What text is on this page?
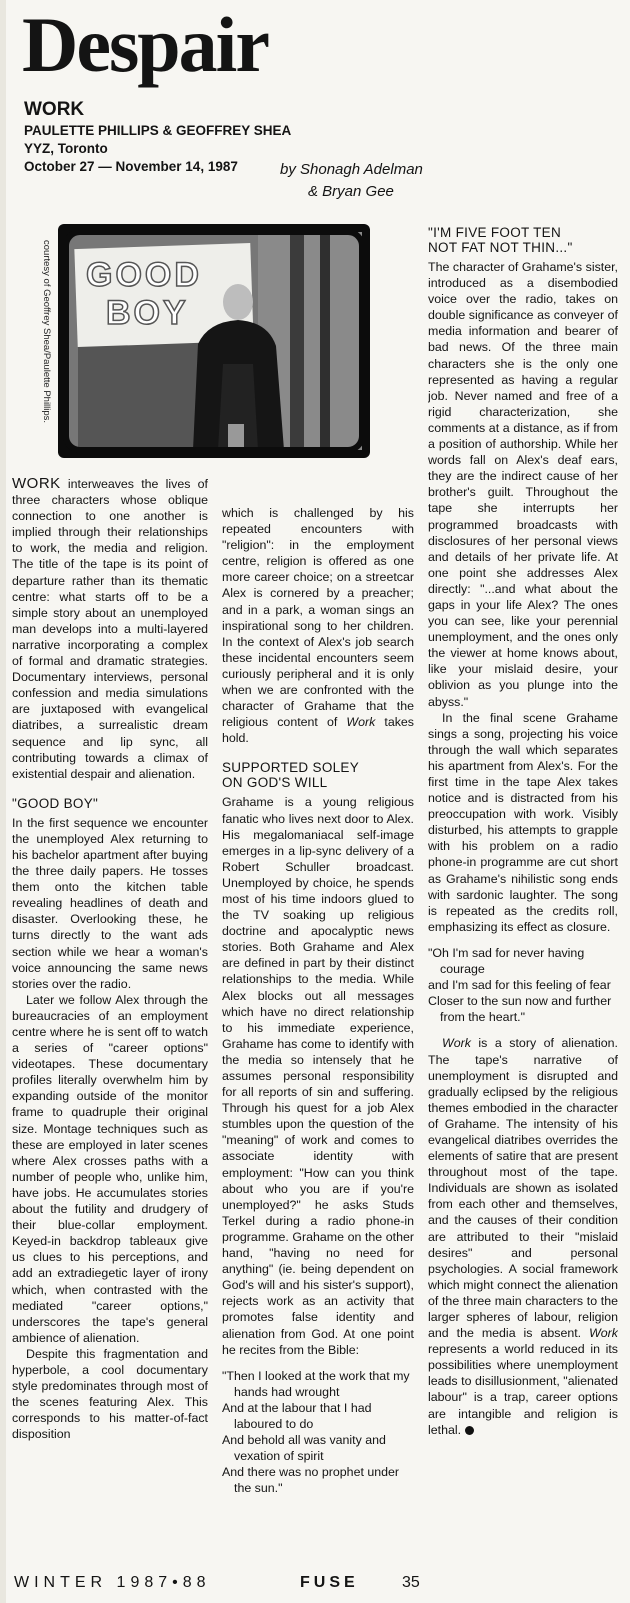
Despair
WORK
PAULETTE PHILLIPS & GEOFFREY SHEA
YYZ, Toronto
October 27 — November 14, 1987	by Shonagh Adelman
& Bryan Gee
courtesy of Geoffrey Shea/Paulette Phillips. GOOD
BOY

WORK interweaves the lives of three characters whose oblique connection to one another is implied through their relationships to work, the media and religion. The title of the tape is its point of departure rather than its thematic centre: what starts off to be a simple story about an unemployed man develops into a multi-layered narrative incorporating a complex of formal and dramatic strategies. Documentary interviews, personal confession and media simulations are juxtaposed with evangelical diatribes, a surrealistic dream sequence and lip sync, all contributing towards a climax of existential despair and alienation.

"GOOD BOY"

In the first sequence we encounter the unemployed Alex returning to his bachelor apartment after buying the three daily papers. He tosses them onto the kitchen table revealing headlines of death and disaster. Overlooking these, he turns directly to the want ads section while we hear a woman's voice announcing the same news stories over the radio.

Later we follow Alex through the bureaucracies of an employment centre where he is sent off to watch a series of "career options" videotapes. These documentary profiles literally overwhelm him by expanding outside of the monitor frame to quadruple their original size. Montage techniques such as these are employed in later scenes where Alex crosses paths with a number of people who, unlike him, have jobs. He accumulates stories about the futility and drudgery of their blue-collar employment. Keyed-in backdrop tableaux give us clues to his perceptions, and add an extradiegetic layer of irony which, when contrasted with the mediated "career options," underscores the tape's general ambience of alienation.

Despite this fragmentation and hyperbole, a cool documentary style predominates through most of the scenes featuring Alex. This corresponds to his matter-of-fact disposition

which is challenged by his repeated encounters with "religion": in the employment centre, religion is offered as one more career choice; on a streetcar Alex is cornered by a preacher; and in a park, a woman sings an inspirational song to her children. In the context of Alex's job search these incidental encounters seem curiously peripheral and it is only when we are confronted with the character of Grahame that the religious content of Work takes hold.

SUPPORTED SOLEY
ON GOD'S WILL

Grahame is a young religious fanatic who lives next door to Alex. His megalomaniacal self-image emerges in a lip-sync delivery of a Robert Schuller broadcast. Unemployed by choice, he spends most of his time indoors glued to the TV soaking up religious doctrine and apocalyptic news stories. Both Grahame and Alex are defined in part by their distinct relationships to the media. While Alex blocks out all messages which have no direct relationship to his immediate experience, Grahame has come to identify with the media so intensely that he assumes personal responsibility for all reports of sin and suffering. Through his quest for a job Alex stumbles upon the question of the "meaning" of work and comes to associate identity with employment: "How can you think about who you are if you're unemployed?" he asks Studs Terkel during a radio phone-in programme. Grahame on the other hand, "having no need for anything" (ie. being dependent on God's will and his sister's support), rejects work as an activity that promotes false identity and alienation from God. At one point he recites from the Bible:

"Then I looked at the work that my hands had wrought
And at the labour that I had laboured to do
And behold all was vanity and vexation of spirit
And there was no prophet under the sun."
"I'M FIVE FOOT TEN
NOT FAT NOT THIN..."

The character of Grahame's sister, introduced as a disembodied voice over the radio, takes on double significance as conveyer of media information and bearer of bad news. Of the three main characters she is the only one represented as having a regular job. Never named and free of a rigid characterization, she comments at a distance, as if from a position of authorship. While her words fall on Alex's deaf ears, they are the indirect cause of her brother's guilt. Throughout the tape she interrupts her programmed broadcasts with disclosures of her personal views and details of her private life. At one point she addresses Alex directly: "...and what about the gaps in your life Alex? The ones you can see, like your perennial unemployment, and the ones only the viewer at home knows about, like your mislaid desire, your oblivion as you plunge into the abyss."

In the final scene Grahame sings a song, projecting his voice through the wall which separates his apartment from Alex's. For the first time in the tape Alex takes notice and is distracted from his preoccupation with work. Visibly disturbed, his attempts to grapple with his problem on a radio phone-in programme are cut short as Grahame's nihilistic song ends with sardonic laughter. The song is repeated as the credits roll, emphasizing its effect as closure.

"Oh I'm sad for never having courage
and I'm sad for this feeling of fear
Closer to the sun now and further from the heart."

Work is a story of alienation. The tape's narrative of unemployment is disrupted and gradually eclipsed by the religious themes embodied in the character of Grahame. The intensity of his evangelical diatribes overrides the elements of satire that are present throughout most of the tape. Individuals are shown as isolated from each other and themselves, and the causes of their condition are attributed to their "mislaid desires" and personal psychologies. A social framework which might connect the alienation of the three main characters to the larger spheres of labour, religion and the media is absent. Work represents a world reduced in its possibilities where unemployment leads to disillusionment, "alienated labour" is a trap, career options are intangible and religion is lethal.

WINTER 1987•88	FUSE	35
